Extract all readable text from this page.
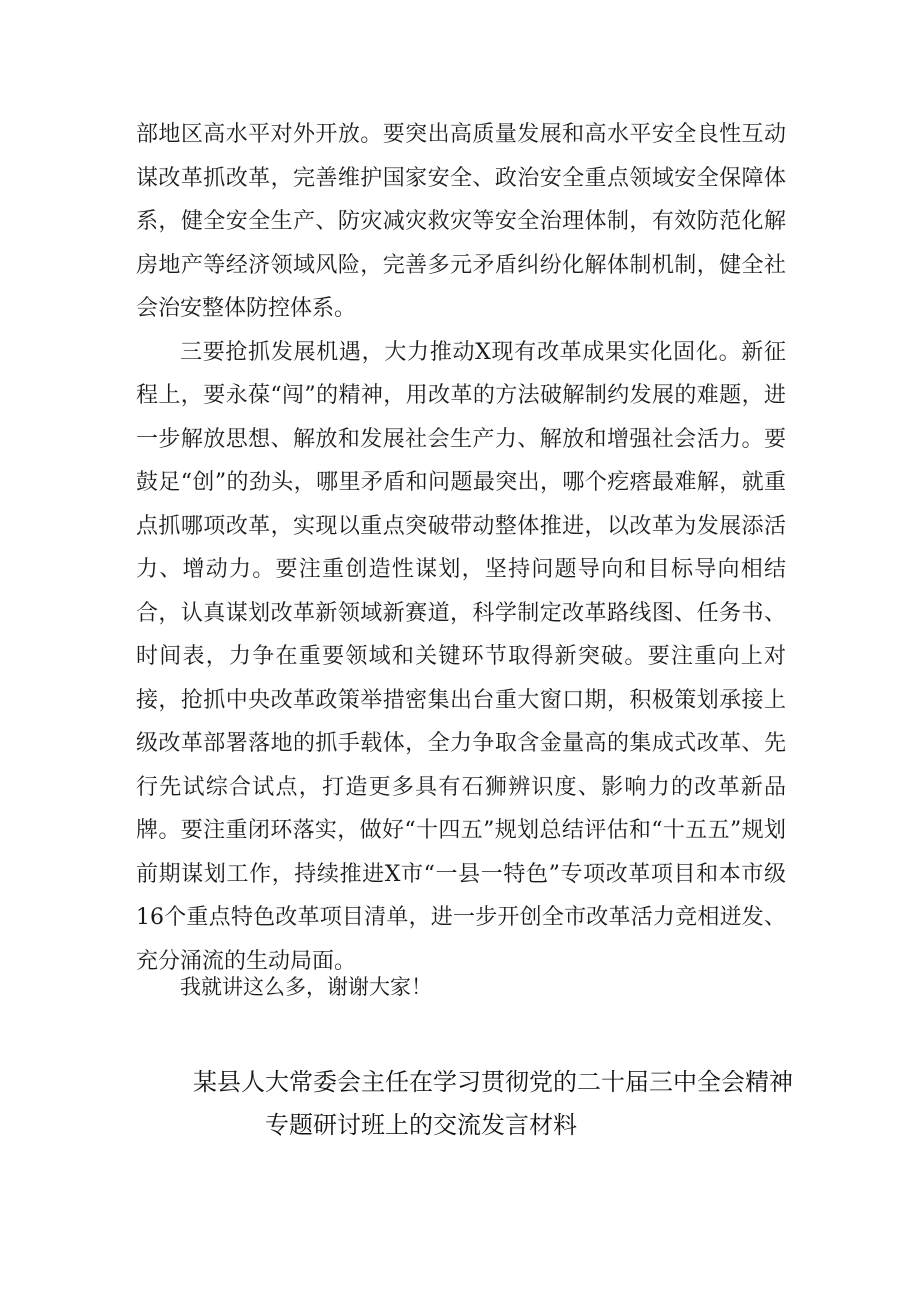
部地区高水平对外开放。要突出高质量发展和高水平安全良性互动谋改革抓改革，完善维护国家安全、政治安全重点领域安全保障体系，健全安全生产、防灾减灾救灾等安全治理体制，有效防范化解房地产等经济领域风险，完善多元矛盾纠纷化解体制机制，健全社会治安整体防控体系。

三要抢抓发展机遇，大力推动X现有改革成果实化固化。新征程上，要永葆“闯”的精神，用改革的方法破解制约发展的难题，进一步解放思想、解放和发展社会生产力、解放和增强社会活力。要鼓足“创”的劲头，哪里矛盾和问题最突出，哪个疙瘩最难解，就重点抓哪项改革，实现以重点突破带动整体推进，以改革为发展添活力、增动力。要注重创造性谋划，坚持问题导向和目标导向相结合，认真谋划改革新领域新赛道，科学制定改革路线图、任务书、时间表，力争在重要领域和关键环节取得新突破。要注重向上对接，抢抓中央改革政策举措密集出台重大窗口期，积极策划承接上级改革部署落地的抓手载体，全力争取含金量高的集成式改革、先行先试综合试点，打造更多具有石狮辨识度、影响力的改革新品牌。要注重闭环落实，做好“十四五”规划总结评估和“十五五”规划前期谋划工作，持续推进X市“一县一特色”专项改革项目和本市级16个重点特色改革项目清单，进一步开创全市改革活力竞相迸发、充分涌流的生动局面。

我就讲这么多，谢谢大家！
某县人大常委会主任在学习贯彻党的二十届三中全会精神
专题研讨班上的交流发言材料
